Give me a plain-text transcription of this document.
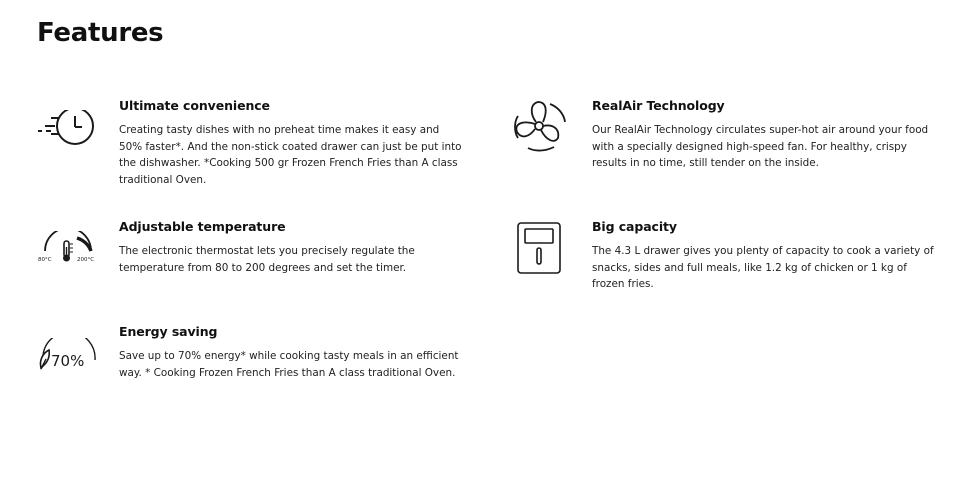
Features
Ultimate convenience

Creating tasty dishes with no preheat time makes it easy and 50% faster*. And the non-stick coated drawer can just be put into the dishwasher. *Cooking 500 gr Frozen French Fries than A class traditional Oven.

RealAir Technology

Our RealAir Technology circulates super-hot air around your food with a specially designed high-speed fan. For healthy, crispy results in no time, still tender on the inside.

80°C	200°C
Adjustable temperature

The electronic thermostat lets you precisely regulate the temperature from 80 to 200 degrees and set the timer.

Big capacity

The 4.3 L drawer gives you plenty of capacity to cook a variety of snacks, sides and full meals, like 1.2 kg of chicken or 1 kg of frozen fries.

70%
Energy saving

Save up to 70% energy* while cooking tasty meals in an efficient way. * Cooking Frozen French Fries than A class traditional Oven.
